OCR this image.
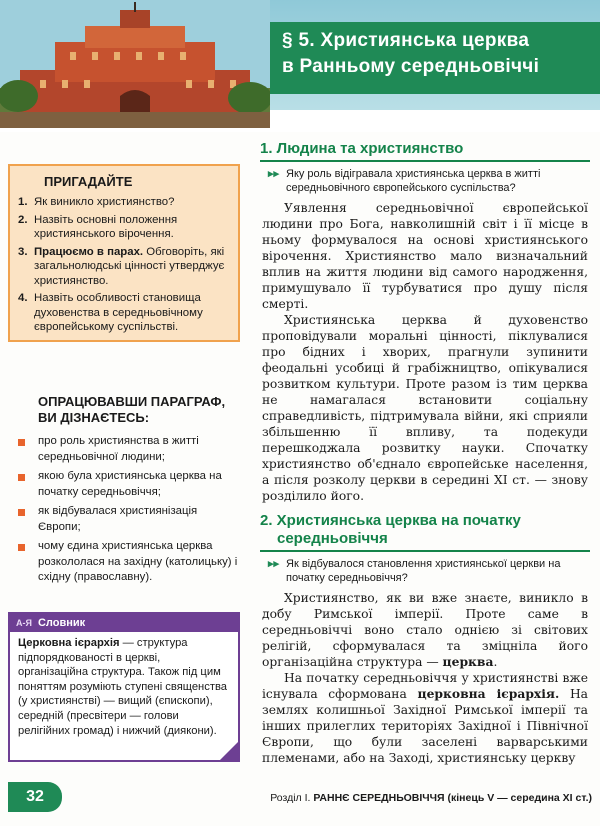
§ 5. Християнська церква
в Ранньому середньовіччі
ПРИГАДАЙТЕ
1. Як виникло християнство?
2. Назвіть основні положення християнського вірочення.
3. Працюємо в парах. Обговоріть, які загальнолюдські цінності утверджує християнство.
4. Назвіть особливості становища духовенства в середньовічному європейському суспільстві.
ОПРАЦЮВАВШИ ПАРАГРАФ,
ВИ ДІЗНАЄТЕСЬ:
про роль християнства в житті середньовічної людини;
якою була християнська церква на початку середньовіччя;
як відбувалася християнізація Європи;
чому єдина християнська церква розкололася на західну (католицьку) і східну (православну).
А-Я Словник
Церковна ієрархія — структура підпорядкованості в церкві, організаційна структура. Також під цим поняттям розуміють ступені священства (у християнстві) — вищий (єпископи), середній (пресвітери — голови релігійних громад) і нижчий (диякони).
1. Людина та християнство
▸▸ Яку роль відігравала християнська церква в житті середньовічного європейського суспільства?

Уявлення середньовічної європейської людини про Бога, навколишній світ і її місце в ньому формувалося на основі християнського вірочення. Християнство мало визначальний вплив на життя людини від самого народження, примушувало її турбуватися про душу після смерті.

Християнська церква й духовенство проповідували моральні цінності, піклувалися про бідних і хворих, прагнули зупинити феодальні усобиці й грабіжництво, опікувалися розвитком культури. Проте разом із тим церква не намагалася встановити соціальну справедливість, підтримувала війни, які сприяли збільшенню її впливу, та подекуди перешкоджала розвитку науки. Спочатку християнство об'єднало європейське населення, а після розколу церкви в середині XI ст. — знову розділило його.

2. Християнська церква на початку
середньовіччя
▸▸ Як відбувалося становлення християнської церкви на початку середньовіччя?

Християнство, як ви вже знаєте, виникло в добу Римської імперії. Проте саме в середньовіччі воно стало однією зі світових релігій, сформувалася та зміцніла його організаційна структура — церква.

На початку середньовіччя у християнстві вже існувала сформована церковна ієрархія. На землях колишньої Західної Римської імперії та інших прилеглих територіях Західної і Північної Європи, що були заселені варварськими племенами, або на Заході, християнську церкву

32	Розділ І. РАННЄ СЕРЕДНЬОВІЧЧЯ (кінець V — середина XI ст.)
